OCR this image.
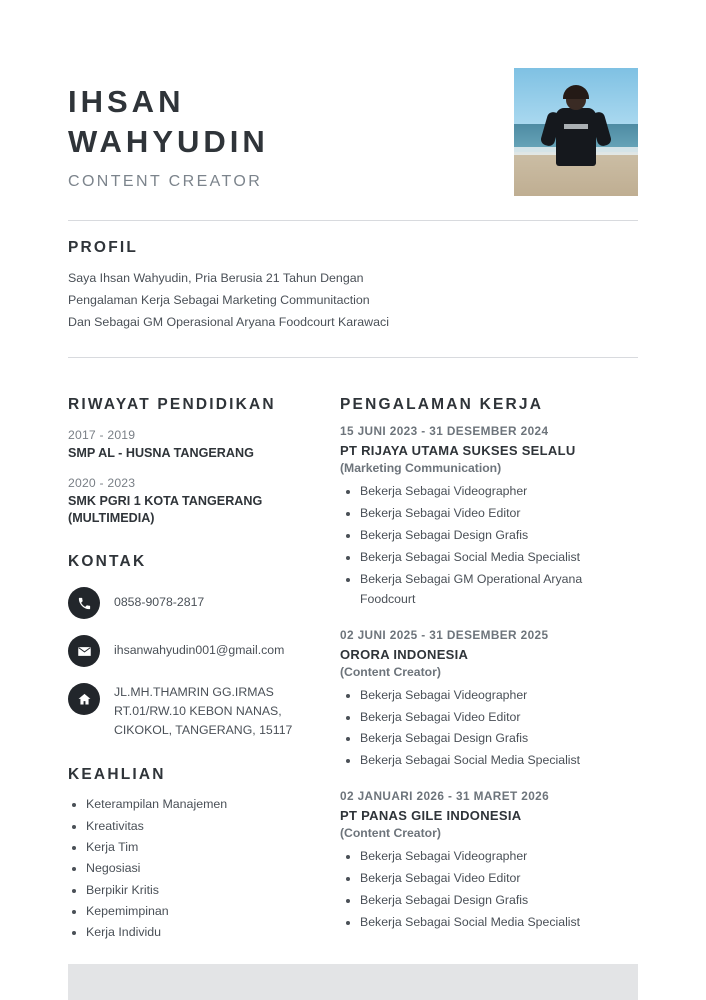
IHSAN
WAHYUDIN
CONTENT CREATOR
PROFIL
Saya Ihsan Wahyudin, Pria Berusia 21 Tahun Dengan
Pengalaman Kerja Sebagai Marketing Communitaction
Dan Sebagai GM Operasional Aryana Foodcourt Karawaci
RIWAYAT PENDIDIKAN
2017 - 2019
SMP AL - HUSNA TANGERANG
2020 - 2023
SMK PGRI 1 KOTA TANGERANG (MULTIMEDIA)
KONTAK
0858-9078-2817
ihsanwahyudin001@gmail.com
JL.MH.THAMRIN GG.IRMAS RT.01/RW.10 KEBON NANAS, CIKOKOL, TANGERANG, 15117
KEAHLIAN
• Keterampilan Manajemen
• Kreativitas
• Kerja Tim
• Negosiasi
• Berpikir Kritis
• Kepemimpinan
• Kerja Individu
PENGALAMAN KERJA
15 JUNI 2023 - 31 DESEMBER 2024
PT RIJAYA UTAMA SUKSES SELALU
(Marketing Communication)
• Bekerja Sebagai Videographer
• Bekerja Sebagai Video Editor
• Bekerja Sebagai Design Grafis
• Bekerja Sebagai Social Media Specialist
• Bekerja Sebagai GM Operational Aryana Foodcourt
02 JUNI 2025 - 31 DESEMBER 2025
ORORA INDONESIA
(Content Creator)
• Bekerja Sebagai Videographer
• Bekerja Sebagai Video Editor
• Bekerja Sebagai Design Grafis
• Bekerja Sebagai Social Media Specialist
02 JANUARI 2026 - 31 MARET 2026
PT PANAS GILE INDONESIA
(Content Creator)
• Bekerja Sebagai Videographer
• Bekerja Sebagai Video Editor
• Bekerja Sebagai Design Grafis
• Bekerja Sebagai Social Media Specialist
